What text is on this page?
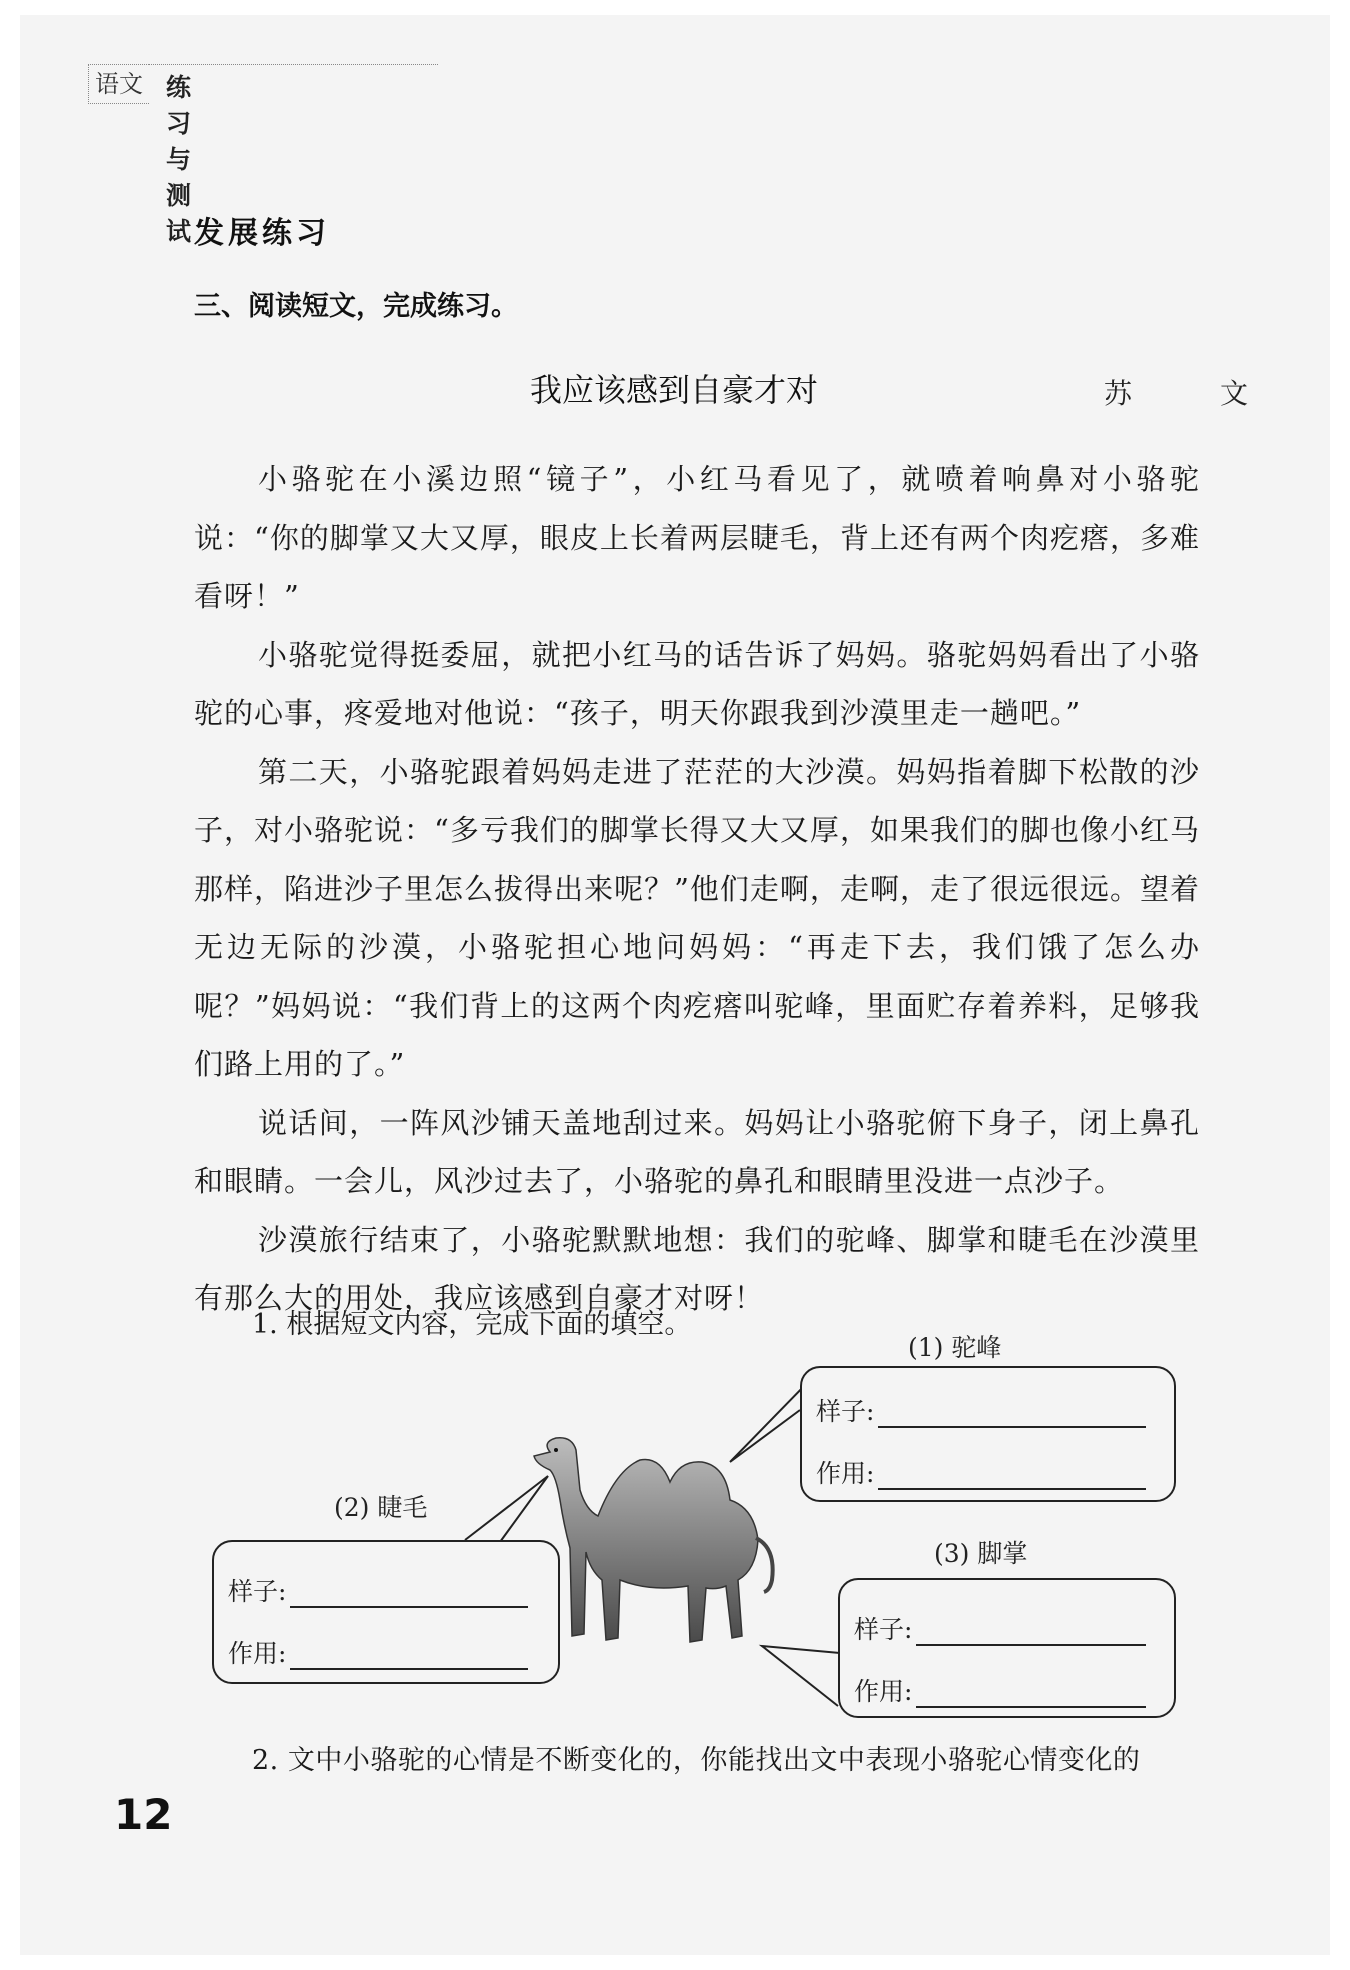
语文 练习与测试
发展练习
三、阅读短文，完成练习。
我应该感到自豪才对	苏　文

小骆驼在小溪边照“镜子”，小红马看见了，就喷着响鼻对小骆驼说：“你的脚掌又大又厚，眼皮上长着两层睫毛，背上还有两个肉疙瘩，多难看呀！”

小骆驼觉得挺委屈，就把小红马的话告诉了妈妈。骆驼妈妈看出了小骆驼的心事，疼爱地对他说：“孩子，明天你跟我到沙漠里走一趟吧。”

第二天，小骆驼跟着妈妈走进了茫茫的大沙漠。妈妈指着脚下松散的沙子，对小骆驼说：“多亏我们的脚掌长得又大又厚，如果我们的脚也像小红马那样，陷进沙子里怎么拔得出来呢？”他们走啊，走啊，走了很远很远。望着无边无际的沙漠，小骆驼担心地问妈妈：“再走下去，我们饿了怎么办呢？”妈妈说：“我们背上的这两个肉疙瘩叫驼峰，里面贮存着养料，足够我们路上用的了。”

说话间，一阵风沙铺天盖地刮过来。妈妈让小骆驼俯下身子，闭上鼻孔和眼睛。一会儿，风沙过去了，小骆驼的鼻孔和眼睛里没进一点沙子。

沙漠旅行结束了，小骆驼默默地想：我们的驼峰、脚掌和睫毛在沙漠里有那么大的用处，我应该感到自豪才对呀！

1. 根据短文内容，完成下面的填空。
(1) 驼峰
样子:
作用:
(2) 睫毛
样子:
作用:
(3) 脚掌
样子:
作用:
2. 文中小骆驼的心情是不断变化的，你能找出文中表现小骆驼心情变化的
12
